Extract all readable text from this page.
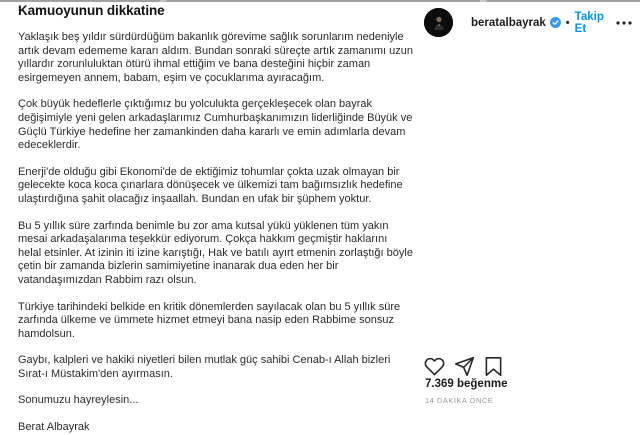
Kamuoyunun dikkatine

Yaklaşık beş yıldır sürdürdüğüm bakanlık görevime sağlık sorunlarım nedeniyle artık devam edememe kararı aldım. Bundan sonraki süreçte artık zamanımı uzun yıllardır zorunluluktan ötürü ihmal ettiğim ve bana desteğini hiçbir zaman esirgemeyen annem, babam, eşim ve çocuklarıma ayıracağım.

Çok büyük hedeflerle çıktığımız bu yolculukta gerçekleşecek olan bayrak değişimiyle yeni gelen arkadaşlarımız Cumhurbaşkanımızın liderliğinde Büyük ve Güçlü Türkiye hedefine her zamankinden daha kararlı ve emin adımlarla devam edeceklerdir.

Enerji'de olduğu gibi Ekonomi'de de ektiğimiz tohumlar çokta uzak olmayan bir gelecekte koca koca çınarlara dönüşecek ve ülkemizi tam bağımsızlık hedefine ulaştırdığına şahit olacağız inşaallah. Bundan en ufak bir şüphem yoktur.

Bu 5 yıllık süre zarfında benimle bu zor ama kutsal yükü yüklenen tüm yakın mesai arkadaşalarıma teşekkür ediyorum. Çokça hakkım geçmiştir haklarını helal etsinler. At izinin iti izine karıştığı, Hak ve batılı ayırt etmenin zorlaştığı böyle çetin bir zamanda bizlerin samimiyetine inanarak dua eden her bir vatandaşımızdan Rabbim razı olsun.

Türkiye tarihindeki belkide en kritik dönemlerden sayılacak olan bu 5 yıllık süre zarfında ülkeme ve ümmete hizmet etmeyi bana nasip eden Rabbime sonsuz hamdolsun.

Gaybı, kalpleri ve hakiki niyetleri bilen mutlak güç sahibi Cenab-ı Allah bizleri Sırat-ı Müstakim'den ayırmasın.

Sonumuzu hayreylesin...

Berat Albayrak

beratalbayrak • Takip Et
7.369 beğenme
14 DAKİKA ÖNCE
